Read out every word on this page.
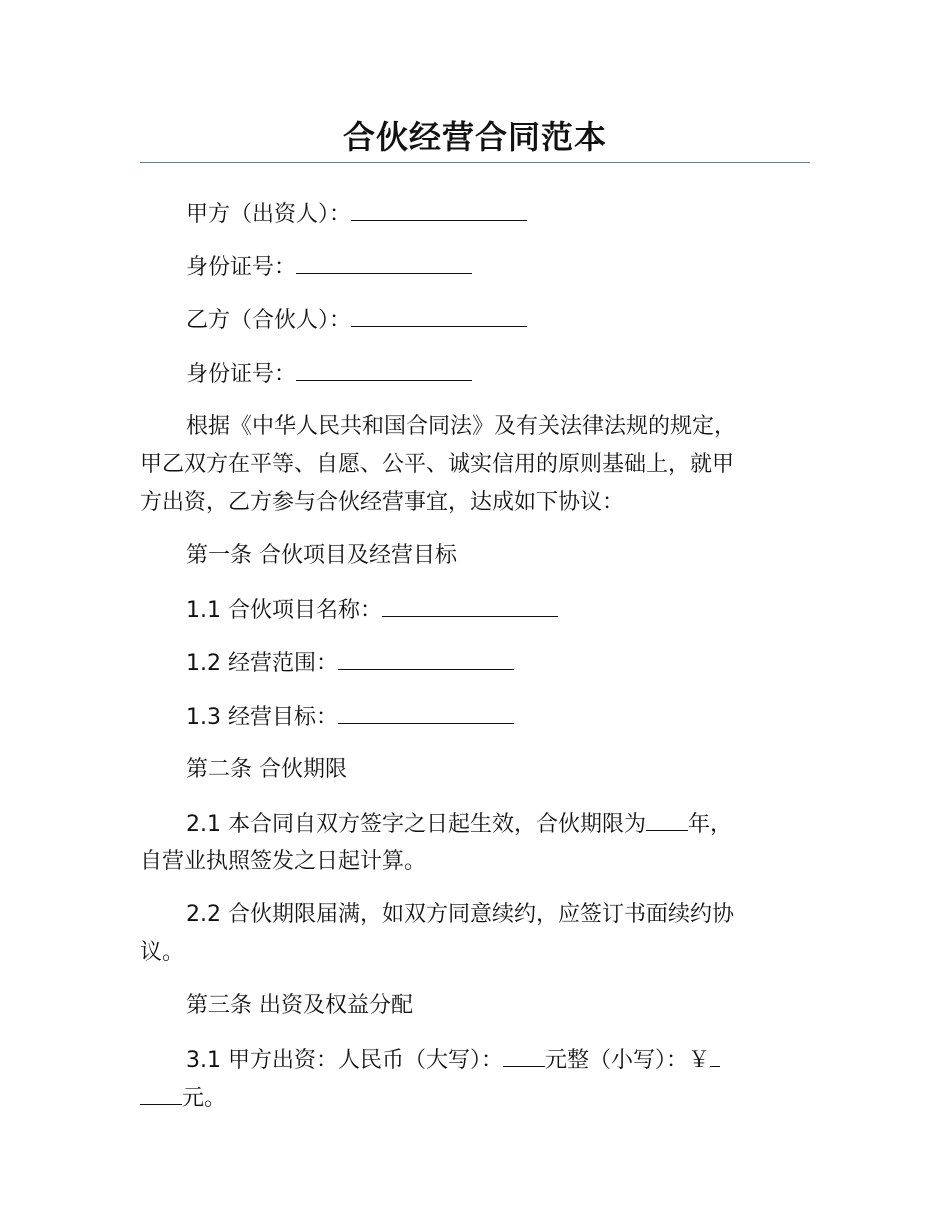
合伙经营合同范本
甲方（出资人）：
身份证号：
乙方（合伙人）：
身份证号：
根据《中华人民共和国合同法》及有关法律法规的规定，
甲乙双方在平等、自愿、公平、诚实信用的原则基础上，就甲
方出资，乙方参与合伙经营事宜，达成如下协议：
第一条 合伙项目及经营目标
1.1 合伙项目名称：
1.2 经营范围：
1.3 经营目标：
第二条 合伙期限
2.1 本合同自双方签字之日起生效，合伙期限为 年，
自营业执照签发之日起计算。
2.2 合伙期限届满，如双方同意续约，应签订书面续约协
议。
第三条 出资及权益分配
3.1 甲方出资：人民币（大写）： 元整（小写）：￥
元。
